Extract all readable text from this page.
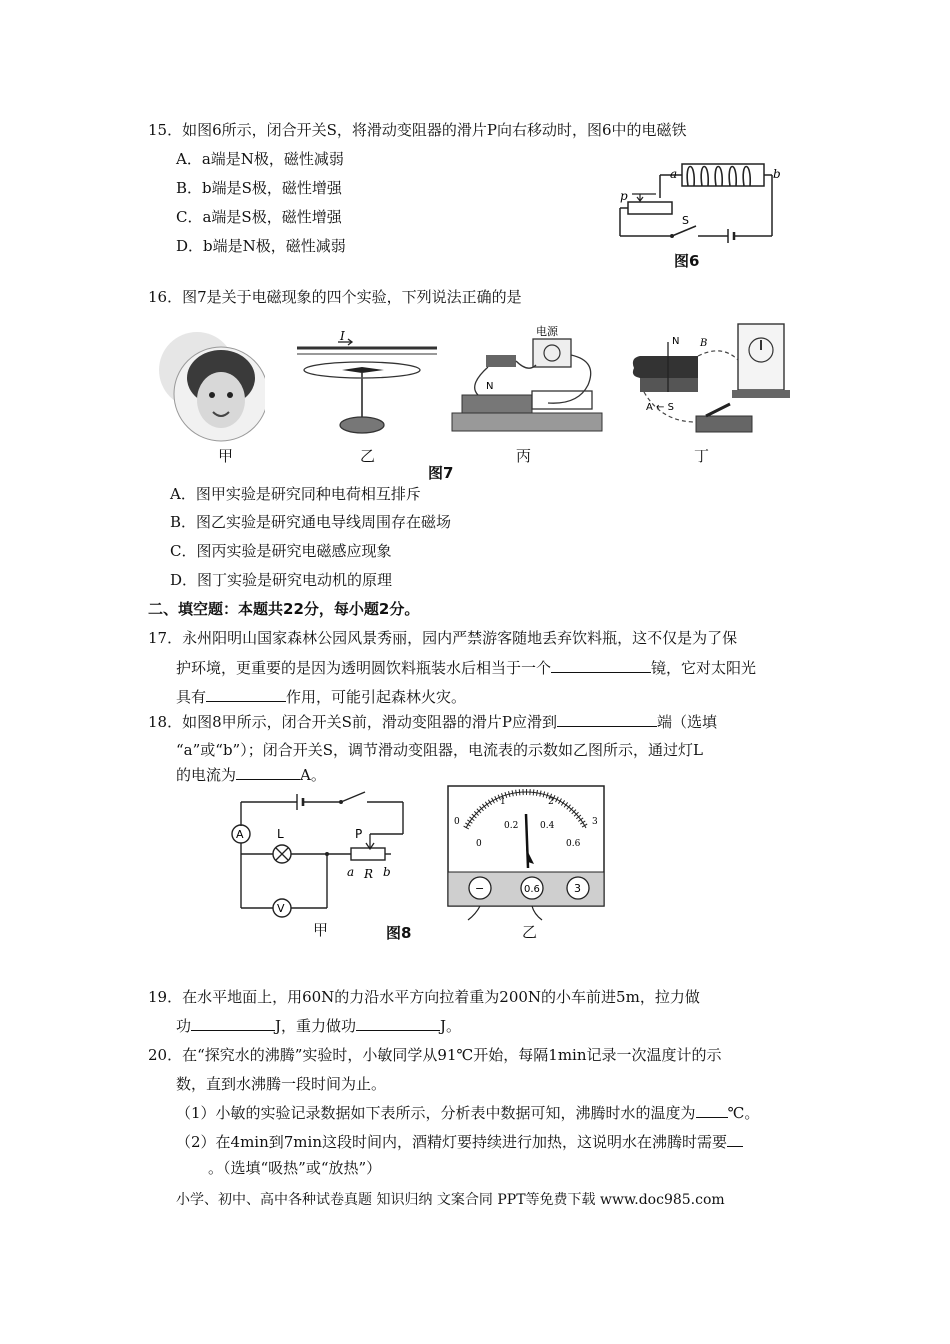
15．如图6所示，闭合开关S，将滑动变阻器的滑片P向右移动时，图6中的电磁铁
A．a端是N极，磁性减弱
B．b端是S极，磁性增强
C．a端是S极，磁性增强
D．b端是N极，磁性减弱
a	b
p
S
图6
16．图7是关于电磁现象的四个实验，下列说法正确的是
I	电源
N
N B
A ← S
甲	乙
图7
丙	丁
A．图甲实验是研究同种电荷相互排斥
B．图乙实验是研究通电导线周围存在磁场
C．图丙实验是研究电磁感应现象
D．图丁实验是研究电动机的原理
二、填空题：本题共22分，每小题2分。
17．永州阳明山国家森林公园风景秀丽，园内严禁游客随地丢弃饮料瓶，这不仅是为了保
护环境，更重要的是因为透明圆饮料瓶装水后相当于一个	镜，它对太阳光
具有	作用，可能引起森林火灾。
18．如图8甲所示，闭合开关S前，滑动变阻器的滑片P应滑到	端（选填
“a”或“b”）；闭合开关S，调节滑动变阻器，电流表的示数如乙图所示，通过灯L
的电流为	A。
A	L	P
a R b
V
0
1	2
3
0
0.2 0.4
0.6
−	0.6	3
甲	图8	乙
19．在水平地面上，用60N的力沿水平方向拉着重为200N的小车前进5m，拉力做
功	J，重力做功	J。
20．在“探究水的沸腾”实验时，小敏同学从91℃开始，每隔1min记录一次温度计的示
数，直到水沸腾一段时间为止。
（1）小敏的实验记录数据如下表所示，分析表中数据可知，沸腾时水的温度为 ℃。
（2）在4min到7min这段时间内，酒精灯要持续进行加热，这说明水在沸腾时需要
。（选填“吸热”或“放热”）
小学、初中、高中各种试卷真题 知识归纳 文案合同 PPT等免费下载 www.doc985.com
